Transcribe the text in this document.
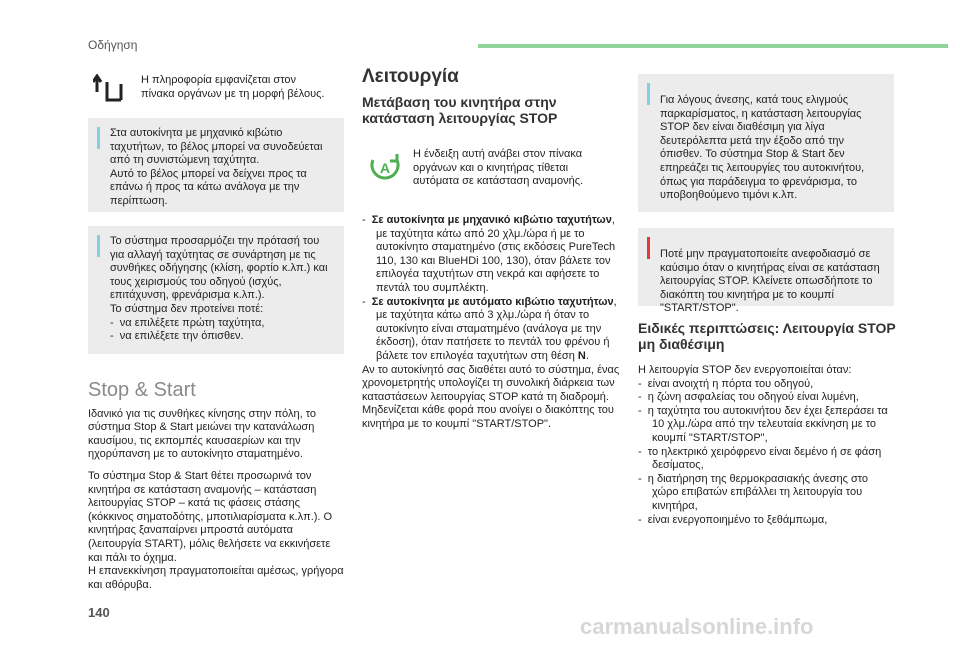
Οδήγηση

Η πληροφορία εμφανίζεται στον πίνακα οργάνων με τη μορφή βέλους.

Στα αυτοκίνητα με μηχανικό κιβώτιο ταχυτήτων, το βέλος μπορεί να συνοδεύεται από τη συνιστώμενη ταχύτητα.

Αυτό το βέλος μπορεί να δείχνει προς τα επάνω ή προς τα κάτω ανάλογα με την περίπτωση.

Το σύστημα προσαρμόζει την πρότασή του για αλλαγή ταχύτητας σε συνάρτηση με τις συνθήκες οδήγησης (κλίση, φορτίο κ.λπ.) και τους χειρισμούς του οδηγού (ισχύς, επιτάχυνση, φρενάρισμα κ.λπ.).

Το σύστημα δεν προτείνει ποτέ:

-  να επιλέξετε πρώτη ταχύτητα,

-  να επιλέξετε την όπισθεν.

Stop & Start

Ιδανικό για τις συνθήκες κίνησης στην πόλη, το σύστημα Stop & Start μειώνει την κατανάλωση καυσίμου, τις εκπομπές καυσαερίων και την ηχορύπανση με το αυτοκίνητο σταματημένο.

Το σύστημα Stop & Start θέτει προσωρινά τον κινητήρα σε κατάσταση αναμονής – κατάσταση λειτουργίας STOP – κατά τις φάσεις στάσης (κόκκινος σηματοδότης, μποτιλιαρίσματα κ.λπ.). Ο κινητήρας ξαναπαίρνει μπροστά αυτόματα (λειτουργία START), μόλις θελήσετε να εκκινήσετε και πάλι το όχημα.

Η επανεκκίνηση πραγματοποιείται αμέσως, γρήγορα και αθόρυβα.

Λειτουργία

Μετάβαση του κινητήρα στην κατάσταση λειτουργίας STOP

A

Η ένδειξη αυτή ανάβει στον πίνακα οργάνων και ο κινητήρας τίθεται αυτόματα σε κατάσταση αναμονής.

-  Σε αυτοκίνητα με μηχανικό κιβώτιο ταχυτήτων, με ταχύτητα κάτω από 20 χλμ./ώρα ή με το αυτοκίνητο σταματημένο (στις εκδόσεις PureTech 110, 130 και BlueHDi 100, 130), όταν βάλετε τον επιλογέα ταχυτήτων στη νεκρά και αφήσετε το πεντάλ του συμπλέκτη.

-  Σε αυτοκίνητα με αυτόματο κιβώτιο ταχυτήτων, με ταχύτητα κάτω από 3 χλμ./ώρα ή όταν το αυτοκίνητο είναι σταματημένο (ανάλογα με την έκδοση), όταν πατήσετε το πεντάλ του φρένου ή βάλετε τον επιλογέα ταχυτήτων στη θέση N.

Αν το αυτοκίνητό σας διαθέτει αυτό το σύστημα, ένας χρονομετρητής υπολογίζει τη συνολική διάρκεια των καταστάσεων λειτουργίας STOP κατά τη διαδρομή. Μηδενίζεται κάθε φορά που ανοίγει ο διακόπτης του κινητήρα με το κουμπί "START/STOP".

Για λόγους άνεσης, κατά τους ελιγμούς παρκαρίσματος, η κατάσταση λειτουργίας STOP δεν είναι διαθέσιμη για λίγα δευτερόλεπτα μετά την έξοδο από την όπισθεν. Το σύστημα Stop & Start δεν επηρεάζει τις λειτουργίες του αυτοκινήτου, όπως για παράδειγμα το φρενάρισμα, το υποβοηθούμενο τιμόνι κ.λπ.

Ποτέ μην πραγματοποιείτε ανεφοδιασμό σε καύσιμο όταν ο κινητήρας είναι σε κατάσταση λειτουργίας STOP. Κλείνετε οπωσδήποτε το διακόπτη του κινητήρα με το κουμπί "START/STOP".

Ειδικές περιπτώσεις: Λειτουργία STOP μη διαθέσιμη

Η λειτουργία STOP δεν ενεργοποιείται όταν:

-  είναι ανοιχτή η πόρτα του οδηγού,

-  η ζώνη ασφαλείας του οδηγού είναι λυμένη,

-  η ταχύτητα του αυτοκινήτου δεν έχει ξεπεράσει τα 10 χλμ./ώρα από την τελευταία εκκίνηση με το κουμπί "START/STOP",

-  το ηλεκτρικό χειρόφρενο είναι δεμένο ή σε φάση δεσίματος,

-  η διατήρηση της θερμοκρασιακής άνεσης στο χώρο επιβατών επιβάλλει τη λειτουργία του κινητήρα,

-  είναι ενεργοποιημένο το ξεθάμπωμα,

140
carmanualsonline.info
